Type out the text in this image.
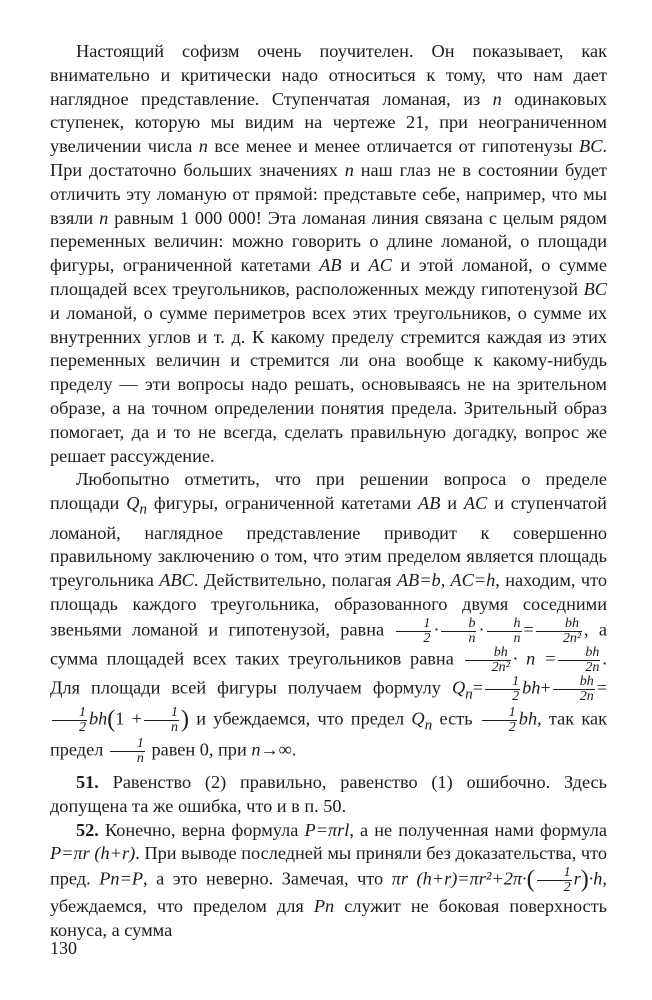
Настоящий софизм очень поучителен. Он показывает, как внимательно и критически надо относиться к тому, что нам дает наглядное представление. Ступенчатая ломаная, из n одинаковых ступенек, которую мы видим на чертеже 21, при неограниченном увеличении числа n все менее и менее отличается от гипотенузы BC. При достаточно больших значениях n наш глаз не в состоянии будет отличить эту ломаную от прямой: представьте себе, например, что мы взяли n равным 1 000 000! Эта ломаная линия связана с целым рядом переменных величин: можно говорить о длине ломаной, о площади фигуры, ограниченной катетами AB и AC и этой ломаной, о сумме площадей всех треугольников, расположенных между гипотенузой BC и ломаной, о сумме периметров всех этих треугольников, о сумме их внутренних углов и т. д. К какому пределу стремится каждая из этих переменных величин и стремится ли она вообще к какому-нибудь пределу — эти вопросы надо решать, основываясь не на зрительном образе, а на точном определении понятия предела. Зрительный образ помогает, да и то не всегда, сделать правильную догадку, вопрос же решает рассуждение.

Любопытно отметить, что при решении вопроса о пределе площади $Q_n$ фигуры, ограниченной катетами AB и AC и ступенчатой ломаной, наглядное представление приводит к совершенно правильному заключению о том, что этим пределом является площадь треугольника ABC. Действительно, полагая AB=b, AC=h, находим, что площадь каждого треугольника, образованного двумя соседними звеньями ломаной и гипотенузой, равна $\frac{1}{2} \cdot \frac{b}{n} \cdot \frac{h}{n} = \frac{bh}{\text{2n²}}$ , а сумма площадей всех таких треугольников равна $\frac{bh}{\text{2n²}} \cdot n = \frac{bh}{2n}$ . Для площади всей фигуры получаем формулу $Q_n= \frac{1}{2} bh+ \frac{bh}{2n}$ =
$\frac{1}{2} bh(1 + \frac{1}{n}$ ) и убеждаемся, что предел $Q_n$ есть $\frac{1}{2}$ bh, так как предел $\frac{1}{n}$ равен 0, при n→∞.

51. Равенство (2) правильно, равенство (1) ошибочно. Здесь допущена та же ошибка, что и в п. 50.

52. Конечно, верна формула P=πrl, а не полученная нами формула P=πr (h+r). При выводе последней мы приняли без доказательства, что пред. Pn=P, а это неверно. Замечая, что πr $(h+r)=\pi r^2+2\pi\cdot( \frac{1}{2} r)\cdot h$, убеждаемся, что пределом для Pn служит не боковая поверхность конуса, а сумма

130
